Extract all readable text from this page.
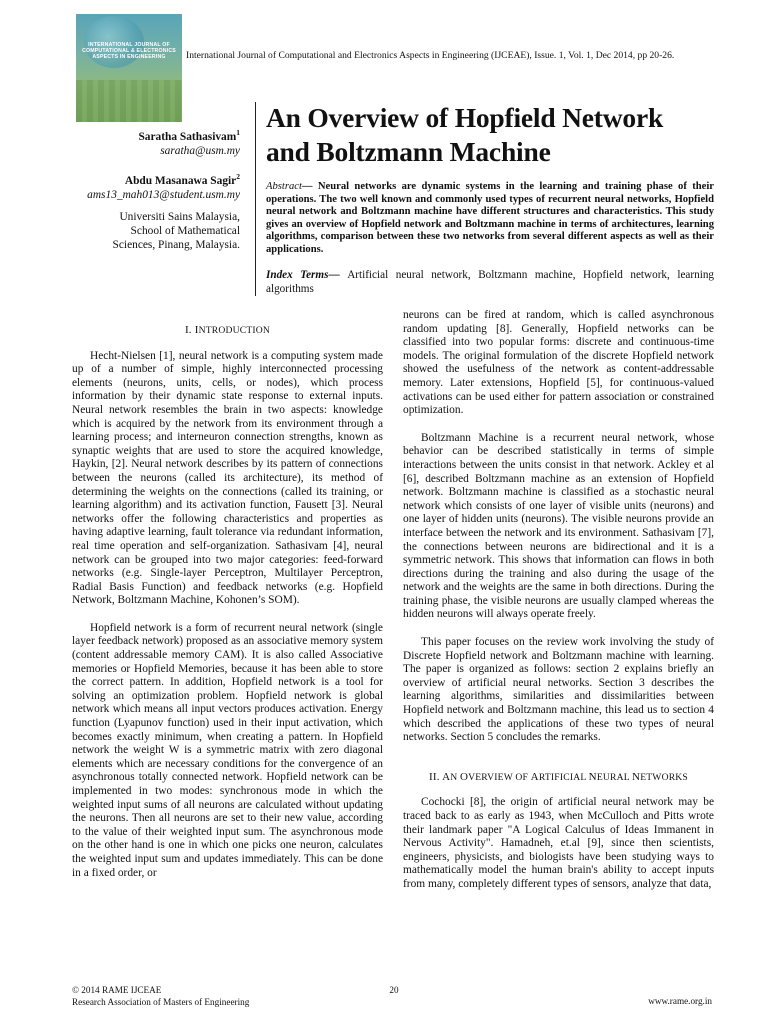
INTERNATIONAL JOURNAL OF COMPUTATIONAL & ELECTRONICS ASPECTS IN ENGINEERING	International Journal of Computational and Electronics Aspects in Engineering (IJCEAE), Issue. 1, Vol. 1, Dec 2014, pp 20-26.
Saratha Sathasivam$^1$
saratha@usm.my
Abdu Masanawa Sagir$^2$
ams13_mah013@student.usm.my
Universiti Sains Malaysia,
School of Mathematical
Sciences, Pinang, Malaysia.
An Overview of Hopfield Network
and Boltzmann Machine
Abstract— Neural networks are dynamic systems in the learning and training phase of their operations. The two well known and commonly used types of recurrent neural networks, Hopfield neural network and Boltzmann machine have different structures and characteristics. This study gives an overview of Hopfield network and Boltzmann machine in terms of architectures, learning algorithms, comparison between these two networks from several different aspects as well as their applications.
Index Terms— Artificial neural network, Boltzmann machine, Hopfield network, learning algorithms
I. INTRODUCTION

Hecht-Nielsen [1], neural network is a computing system made up of a number of simple, highly interconnected processing elements (neurons, units, cells, or nodes), which process information by their dynamic state response to external inputs. Neural network resembles the brain in two aspects: knowledge which is acquired by the network from its environment through a learning process; and interneuron connection strengths, known as synaptic weights that are used to store the acquired knowledge, Haykin, [2]. Neural network describes by its pattern of connections between the neurons (called its architecture), its method of determining the weights on the connections (called its training, or learning algorithm) and its activation function, Fausett [3]. Neural networks offer the following characteristics and properties as having adaptive learning, fault tolerance via redundant information, real time operation and self-organization. Sathasivam [4], neural network can be grouped into two major categories: feed-forward networks (e.g. Single-layer Perceptron, Multilayer Perceptron, Radial Basis Function) and feedback networks (e.g. Hopfield Network, Boltzmann Machine, Kohonen’s SOM).

Hopfield network is a form of recurrent neural network (single layer feedback network) proposed as an associative memory system (content addressable memory CAM). It is also called Associative memories or Hopfield Memories, because it has been able to store the correct pattern. In addition, Hopfield network is a tool for solving an optimization problem. Hopfield network is global network which means all input vectors produces activation. Energy function (Lyapunov function) used in their input activation, which becomes exactly minimum, when creating a pattern. In Hopfield network the weight W is a symmetric matrix with zero diagonal elements which are necessary conditions for the convergence of an asynchronous totally connected network. Hopfield network can be implemented in two modes: synchronous mode in which the weighted input sums of all neurons are calculated without updating the neurons. Then all neurons are set to their new value, according to the value of their weighted input sum. The asynchronous mode on the other hand is one in which one picks one neuron, calculates the weighted input sum and updates immediately. This can be done in a fixed order, or

neurons can be fired at random, which is called asynchronous random updating [8]. Generally, Hopfield networks can be classified into two popular forms: discrete and continuous-time models. The original formulation of the discrete Hopfield network showed the usefulness of the network as content-addressable memory. Later extensions, Hopfield [5], for continuous-valued activations can be used either for pattern association or constrained optimization.

Boltzmann Machine is a recurrent neural network, whose behavior can be described statistically in terms of simple interactions between the units consist in that network. Ackley et al [6], described Boltzmann machine as an extension of Hopfield network. Boltzmann machine is classified as a stochastic neural network which consists of one layer of visible units (neurons) and one layer of hidden units (neurons). The visible neurons provide an interface between the network and its environment. Sathasivam [7], the connections between neurons are bidirectional and it is a symmetric network. This shows that information can flows in both directions during the training and also during the usage of the network and the weights are the same in both directions. During the training phase, the visible neurons are usually clamped whereas the hidden neurons will always operate freely.

This paper focuses on the review work involving the study of Discrete Hopfield network and Boltzmann machine with learning. The paper is organized as follows: section 2 explains briefly an overview of artificial neural networks. Section 3 describes the learning algorithms, similarities and dissimilarities between Hopfield network and Boltzmann machine, this lead us to section 4 which described the applications of these two types of neural networks. Section 5 concludes the remarks.

II. AN OVERVIEW OF ARTIFICIAL NEURAL NETWORKS

Cochocki [8], the origin of artificial neural network may be traced back to as early as 1943, when McCulloch and Pitts wrote their landmark paper "A Logical Calculus of Ideas Immanent in Nervous Activity". Hamadneh, et.al [9], since then scientists, engineers, physicists, and biologists have been studying ways to mathematically model the human brain's ability to accept inputs from many, completely different types of sensors, analyze that data,

© 2014 RAME IJCEAE
Research Association of Masters of Engineering
20
www.rame.org.in
